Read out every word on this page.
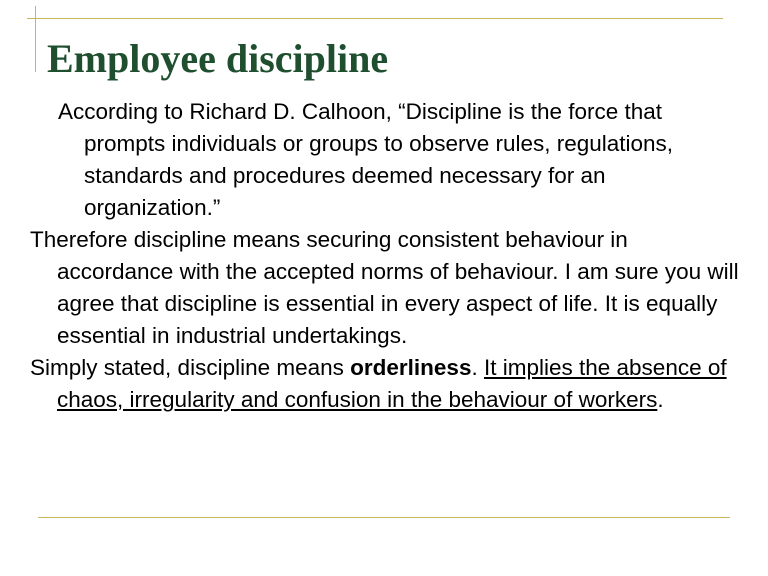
Employee discipline

According to Richard D. Calhoon, “Discipline is the force that prompts individuals or groups to observe rules, regulations, standards and procedures deemed necessary for an organization.”

Therefore discipline means securing consistent behaviour in accordance with the accepted norms of behaviour. I am sure you will agree that discipline is essential in every aspect of life. It is equally essential in industrial undertakings.

Simply stated, discipline means orderliness. It implies the absence of chaos, irregularity and confusion in the behaviour of workers.
